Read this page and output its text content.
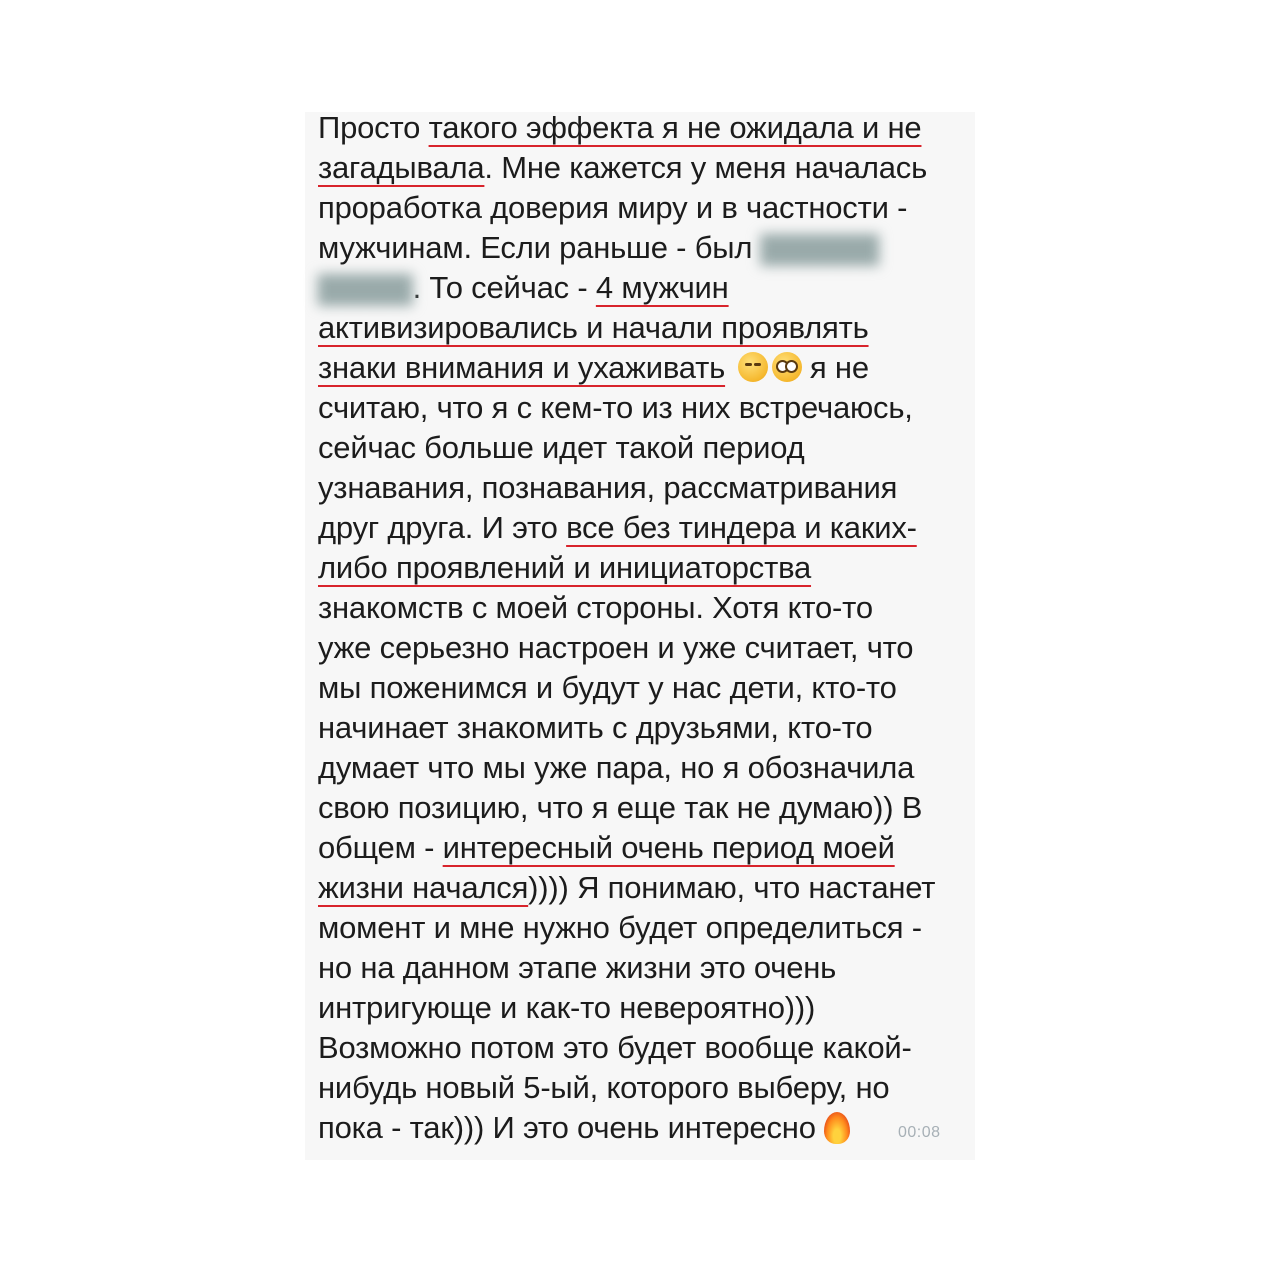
Просто такого эффекта я не ожидала и не
загадывала. Мне кажется у меня началась
проработка доверия миру и в частности -
мужчинам. Если раньше - был ▇▇▇▇▇
▇▇▇▇. То сейчас - 4 мужчин
активизировались и начали проявлять
знаки внимания и ухаживать  я не
считаю, что я с кем-то из них встречаюсь,
сейчас больше идет такой период
узнавания, познавания, рассматривания
друг друга. И это все без тиндера и каких-
либо проявлений и инициаторства
знакомств с моей стороны. Хотя кто-то
уже серьезно настроен и уже считает, что
мы поженимся и будут у нас дети, кто-то
начинает знакомить с друзьями, кто-то
думает что мы уже пара, но я обозначила
свою позицию, что я еще так не думаю)) В
общем - интересный очень период моей
жизни начался)))) Я понимаю, что настанет
момент и мне нужно будет определиться -
но на данном этапе жизни это очень
интригующе и как-то невероятно)))
Возможно потом это будет вообще какой-
нибудь новый 5-ый, которого выберу, но
пока - так))) И это очень интересно	00:08
